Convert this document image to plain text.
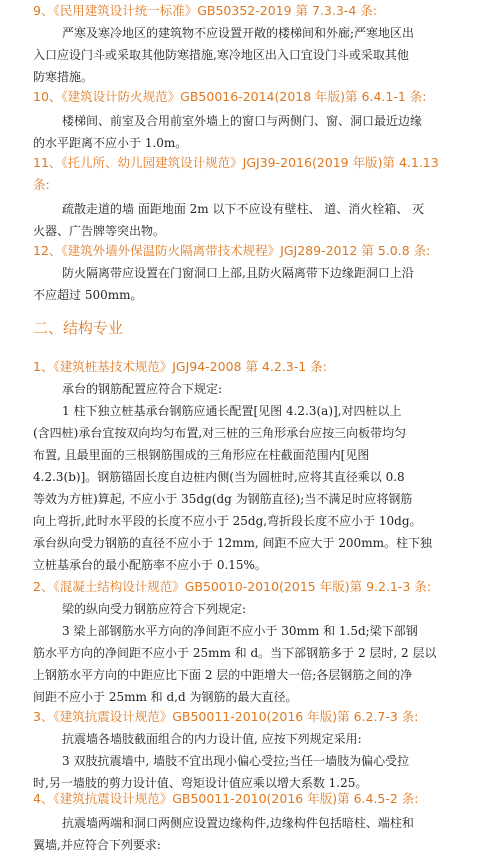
9、《民用建筑设计统一标准》GB50352-2019 第 7.3.3-4 条:
严寒及寒冷地区的建筑物不应设置开敞的楼梯间和外廊;严寒地区出
入口应设门斗或采取其他防寒措施,寒冷地区出入口宜设门斗或采取其他
防寒措施。
10、《建筑设计防火规范》GB50016-2014(2018 年版)第 6.4.1-1 条:
楼梯间、前室及合用前室外墙上的窗口与两侧门、窗、洞口最近边缘
的水平距离不应小于 1.0m。
11、《托儿所、幼儿园建筑设计规范》JGJ39-2016(2019 年版)第 4.1.13
条:
疏散走道的墙 面距地面 2m 以下不应设有壁柱、 道、消火栓箱、 灭
火器、广告牌等突出物。
12、《建筑外墙外保温防火隔离带技术规程》JGJ289-2012 第 5.0.8 条:
防火隔离带应设置在门窗洞口上部,且防火隔离带下边缘距洞口上沿
不应超过 500mm。
二、结构专业
1、《建筑桩基技术规范》JGJ94-2008 第 4.2.3-1 条:
承台的钢筋配置应符合下规定:
1 柱下独立桩基承台钢筋应通长配置[见图 4.2.3(a)],对四桩以上
(含四桩)承台宜按双向均匀布置,对三桩的三角形承台应按三向板带均匀
布置, 且最里面的三根钢筋围成的三角形应在柱截面范围内[见图
4.2.3(b)]。钢筋锚固长度自边桩内侧(当为圆桩时,应将其直径乘以 0.8
等效为方桩)算起, 不应小于 35dg(dg 为钢筋直径);当不满足时应将钢筋
向上弯折,此时水平段的长度不应小于 25dg,弯折段长度不应小于 10dg。
承台纵向受力钢筋的直径不应小于 12mm, 间距不应大于 200mm。柱下独
立桩基承台的最小配筋率不应小于 0.15%。
2、《混凝土结构设计规范》GB50010-2010(2015 年版)第 9.2.1-3 条:
梁的纵向受力钢筋应符合下列规定:
3 梁上部钢筋水平方向的净间距不应小于 30mm 和 1.5d;梁下部钢
筋水平方向的净间距不应小于 25mm 和 d。当下部钢筋多于 2 层时, 2 层以
上钢筋水平方向的中距应比下面 2 层的中距增大一倍;各层钢筋之间的净
间距不应小于 25mm 和 d,d 为钢筋的最大直径。
3、《建筑抗震设计规范》GB50011-2010(2016 年版)第 6.2.7-3 条:
抗震墙各墙肢截面组合的内力设计值, 应按下列规定采用:
3 双肢抗震墙中, 墙肢不宜出现小偏心受拉;当任一墙肢为偏心受拉
时,另一墙肢的剪力设计值、弯矩设计值应乘以增大系数 1.25。
4、《建筑抗震设计规范》GB50011-2010(2016 年版)第 6.4.5-2 条:
抗震墙两端和洞口两侧应设置边缘构件,边缘构件包括暗柱、端柱和
翼墙,并应符合下列要求:
